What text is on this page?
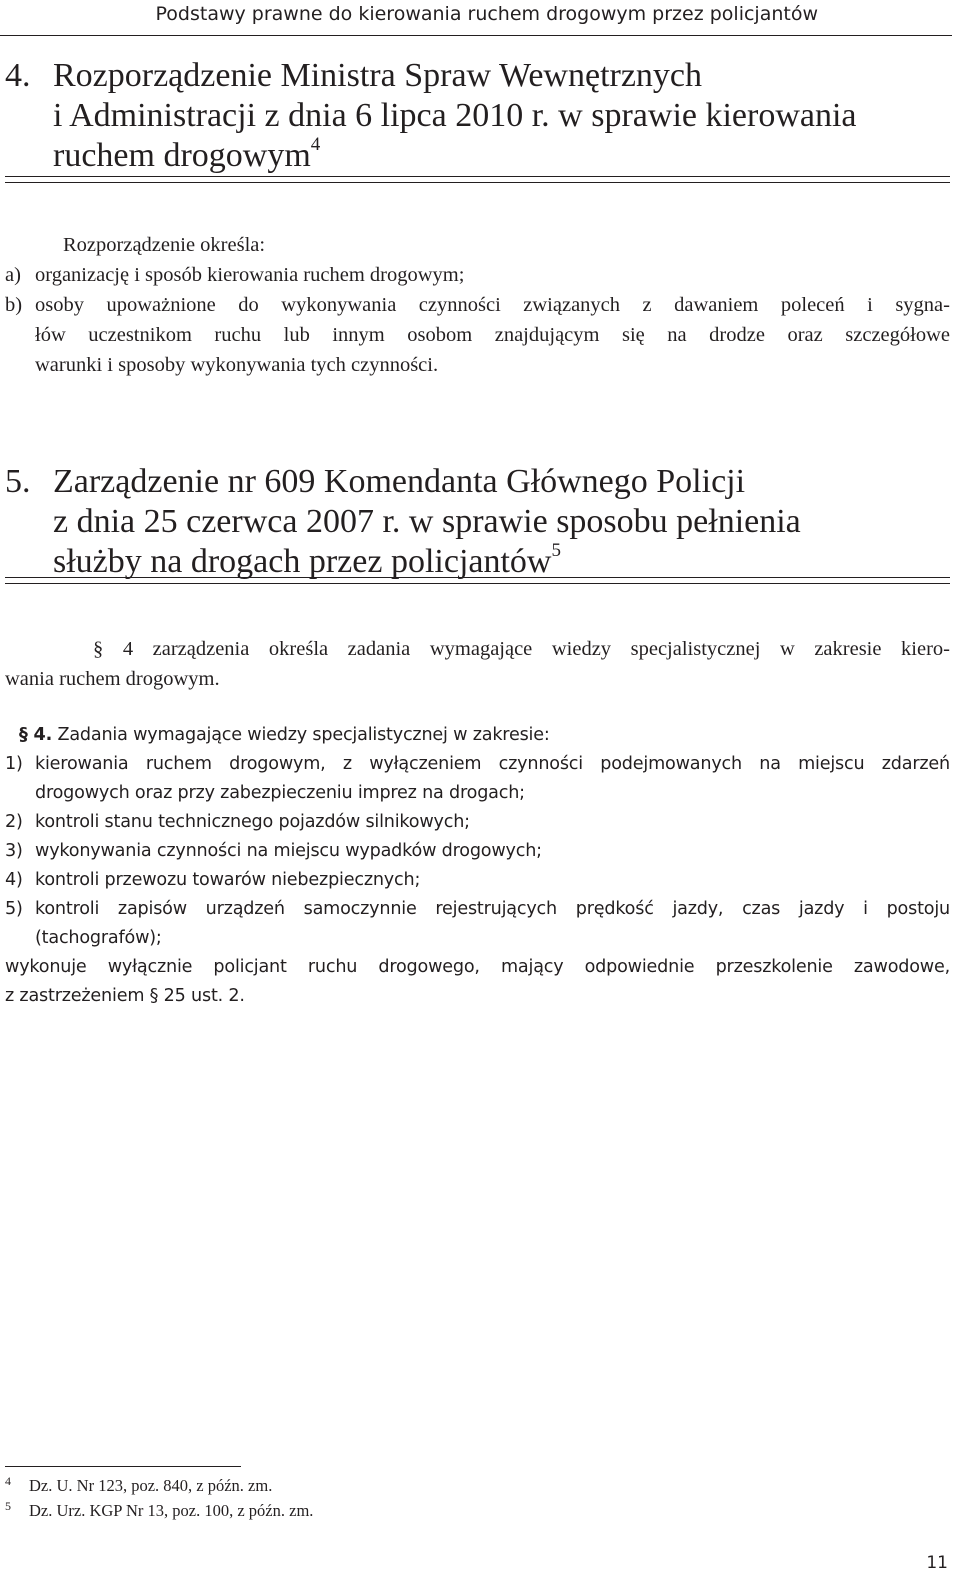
Podstawy prawne do kierowania ruchem drogowym przez policjantów
4. Rozporządzenie Ministra Spraw Wewnętrznych
i Administracji z dnia 6 lipca 2010 r. w sprawie kierowania
ruchem drogowym$^4$
Rozporządzenie określa:
a) organizację i sposób kierowania ruchem drogowym;
b) osoby upoważnione do wykonywania czynności związanych z dawaniem poleceń i sygna-
łów uczestnikom ruchu lub innym osobom znajdującym się na drodze oraz szczegółowe
warunki i sposoby wykonywania tych czynności.
5. Zarządzenie nr 609 Komendanta Głównego Policji
z dnia 25 czerwca 2007 r. w sprawie sposobu pełnienia
służby na drogach przez policjantów$^5$
§ 4 zarządzenia określa zadania wymagające wiedzy specjalistycznej w zakresie kiero-
wania ruchem drogowym.
§ 4. Zadania wymagające wiedzy specjalistycznej w zakresie:
1) kierowania ruchem drogowym, z wyłączeniem czynności podejmowanych na miejscu zdarzeń
drogowych oraz przy zabezpieczeniu imprez na drogach;
2) kontroli stanu technicznego pojazdów silnikowych;
3) wykonywania czynności na miejscu wypadków drogowych;
4) kontroli przewozu towarów niebezpiecznych;
5) kontroli zapisów urządzeń samoczynnie rejestrujących prędkość jazdy, czas jazdy i postoju
(tachografów);
wykonuje wyłącznie policjant ruchu drogowego, mający odpowiednie przeszkolenie zawodowe,
z zastrzeżeniem § 25 ust. 2.
4 Dz. U. Nr 123, poz. 840, z późn. zm.
5 Dz. Urz. KGP Nr 13, poz. 100, z późn. zm.
11
